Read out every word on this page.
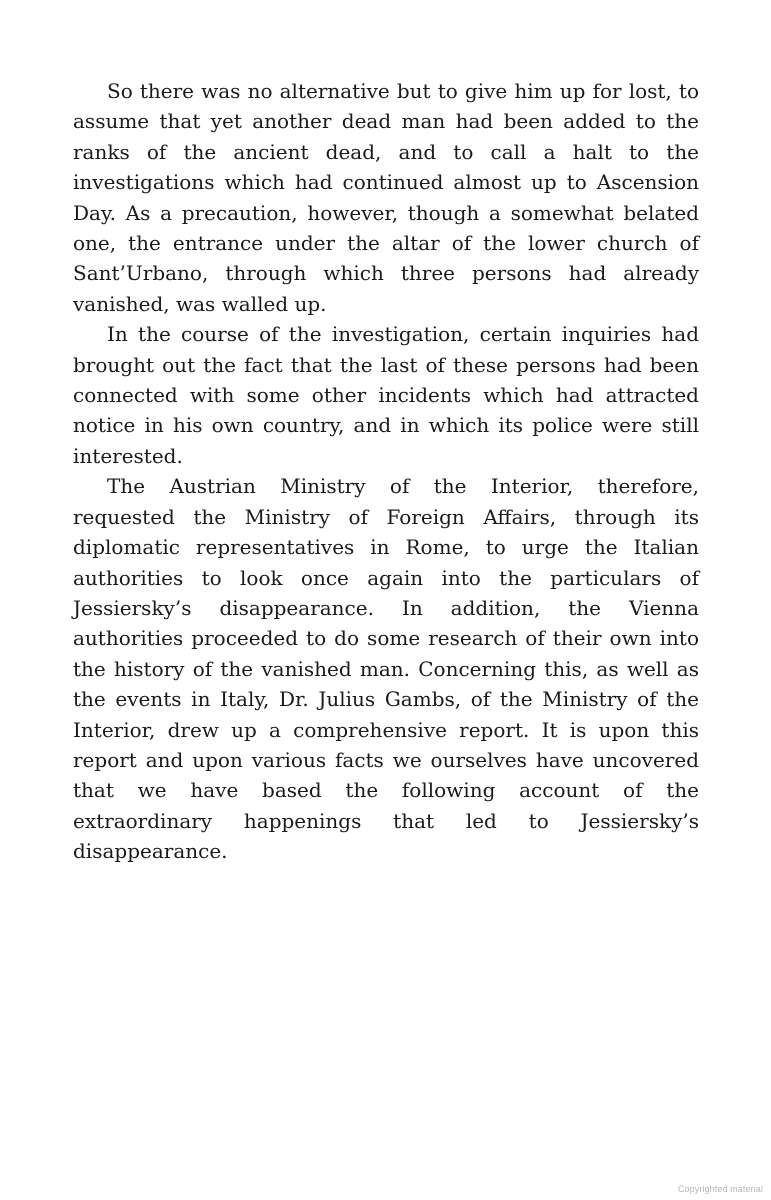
So there was no alternative but to give him up for lost, to assume that yet another dead man had been added to the ranks of the ancient dead, and to call a halt to the investigations which had continued almost up to Ascension Day. As a precaution, however, though a somewhat belated one, the entrance under the altar of the lower church of Sant’Urbano, through which three persons had already vanished, was walled up.

In the course of the investigation, certain inquiries had brought out the fact that the last of these persons had been connected with some other incidents which had attracted notice in his own country, and in which its police were still interested.

The Austrian Ministry of the Interior, therefore, requested the Ministry of Foreign Affairs, through its diplomatic representatives in Rome, to urge the Italian authorities to look once again into the particulars of Jessiersky’s disappearance. In addition, the Vienna authorities proceeded to do some research of their own into the history of the vanished man. Concerning this, as well as the events in Italy, Dr. Julius Gambs, of the Ministry of the Interior, drew up a comprehensive report. It is upon this report and upon various facts we ourselves have uncovered that we have based the following account of the extraordinary happenings that led to Jessiersky’s disappearance.

Copyrighted material
